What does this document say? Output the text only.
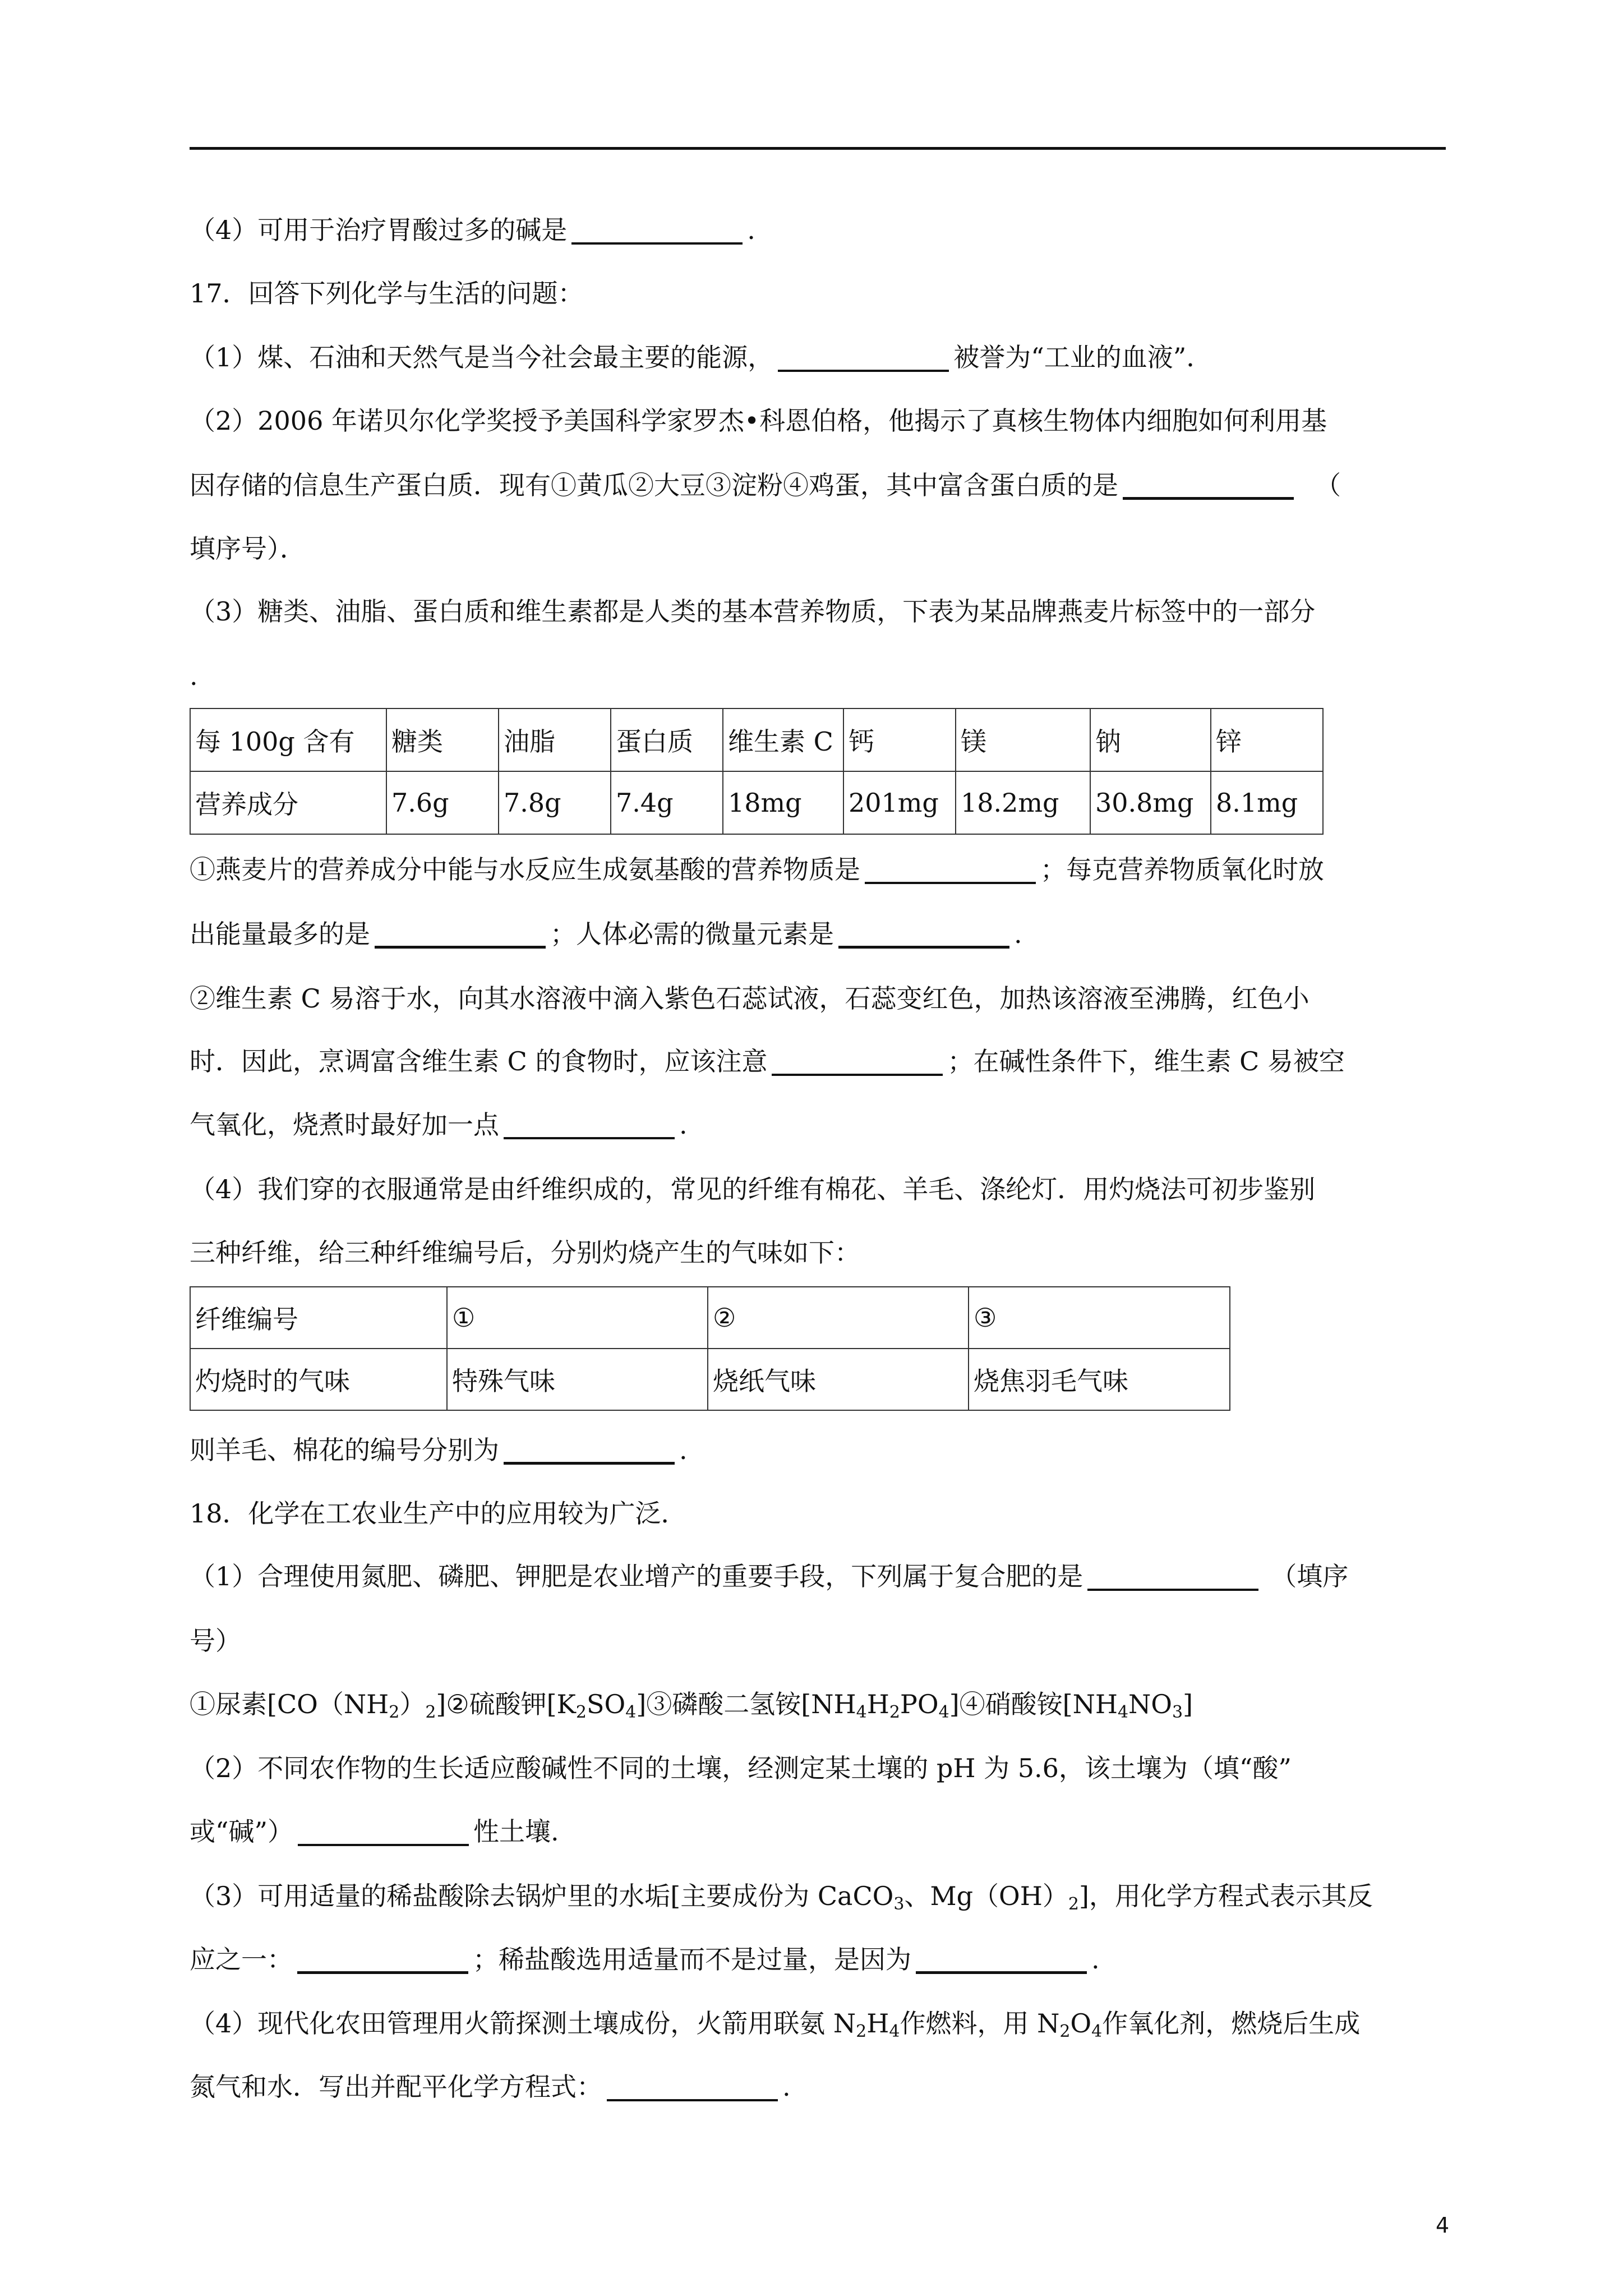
（4）可用于治疗胃酸过多的碱是	.
17．回答下列化学与生活的问题：
（1）煤、石油和天然气是当今社会最主要的能源，	被誉为“工业的血液”．
（2）2006 年诺贝尔化学奖授予美国科学家罗杰•科恩伯格，他揭示了真核生物体内细胞如何利用基
因存储的信息生产蛋白质．现有①黄瓜②大豆③淀粉④鸡蛋，其中富含蛋白质的是	（
填序号）．
（3）糖类、油脂、蛋白质和维生素都是人类的基本营养物质，下表为某品牌燕麦片标签中的一部分
.
每 100g 含有	糖类	油脂	蛋白质	维生素 C	钙	镁	钠	锌
营养成分	7.6g	7.8g	7.4g	18mg	201mg	18.2mg	30.8mg	8.1mg
①燕麦片的营养成分中能与水反应生成氨基酸的营养物质是	；每克营养物质氧化时放
出能量最多的是	；人体必需的微量元素是	.
②维生素 C 易溶于水，向其水溶液中滴入紫色石蕊试液，石蕊变红色，加热该溶液至沸腾，红色小
时．因此，烹调富含维生素 C 的食物时，应该注意	；在碱性条件下，维生素 C 易被空
气氧化，烧煮时最好加一点	.
（4）我们穿的衣服通常是由纤维织成的，常见的纤维有棉花、羊毛、涤纶灯．用灼烧法可初步鉴别
三种纤维，给三种纤维编号后，分别灼烧产生的气味如下：
纤维编号	①	②	③
灼烧时的气味	特殊气味	烧纸气味	烧焦羽毛气味
则羊毛、棉花的编号分别为	.
18．化学在工农业生产中的应用较为广泛．
（1）合理使用氮肥、磷肥、钾肥是农业增产的重要手段，下列属于复合肥的是	（填序
号）
①尿素$[CO(NH_2)_2]②$硫酸钾$[K_2SO_4]③$磷酸二氢铵$[NH_4H_2PO_4]④$硝酸铵$[NH_4NO_3]$
（2）不同农作物的生长适应酸碱性不同的土壤，经测定某土壤的 pH 为 5.6，该土壤为（填“酸”
或“碱”）	性土壤.
（3）可用适量的稀盐酸除去锅炉里的水垢[主要成份为 CaCO$_3$、$Mg(OH)_2$]，用化学方程式表示其反
应之一：	；稀盐酸选用适量而不是过量，是因为	.
（4）现代化农田管理用火箭探测土壤成份，火箭用联氨 $N_2H_4$作燃料，用 $N_2O_4$作氧化剂，燃烧后生成
氮气和水．写出并配平化学方程式：	.
4
